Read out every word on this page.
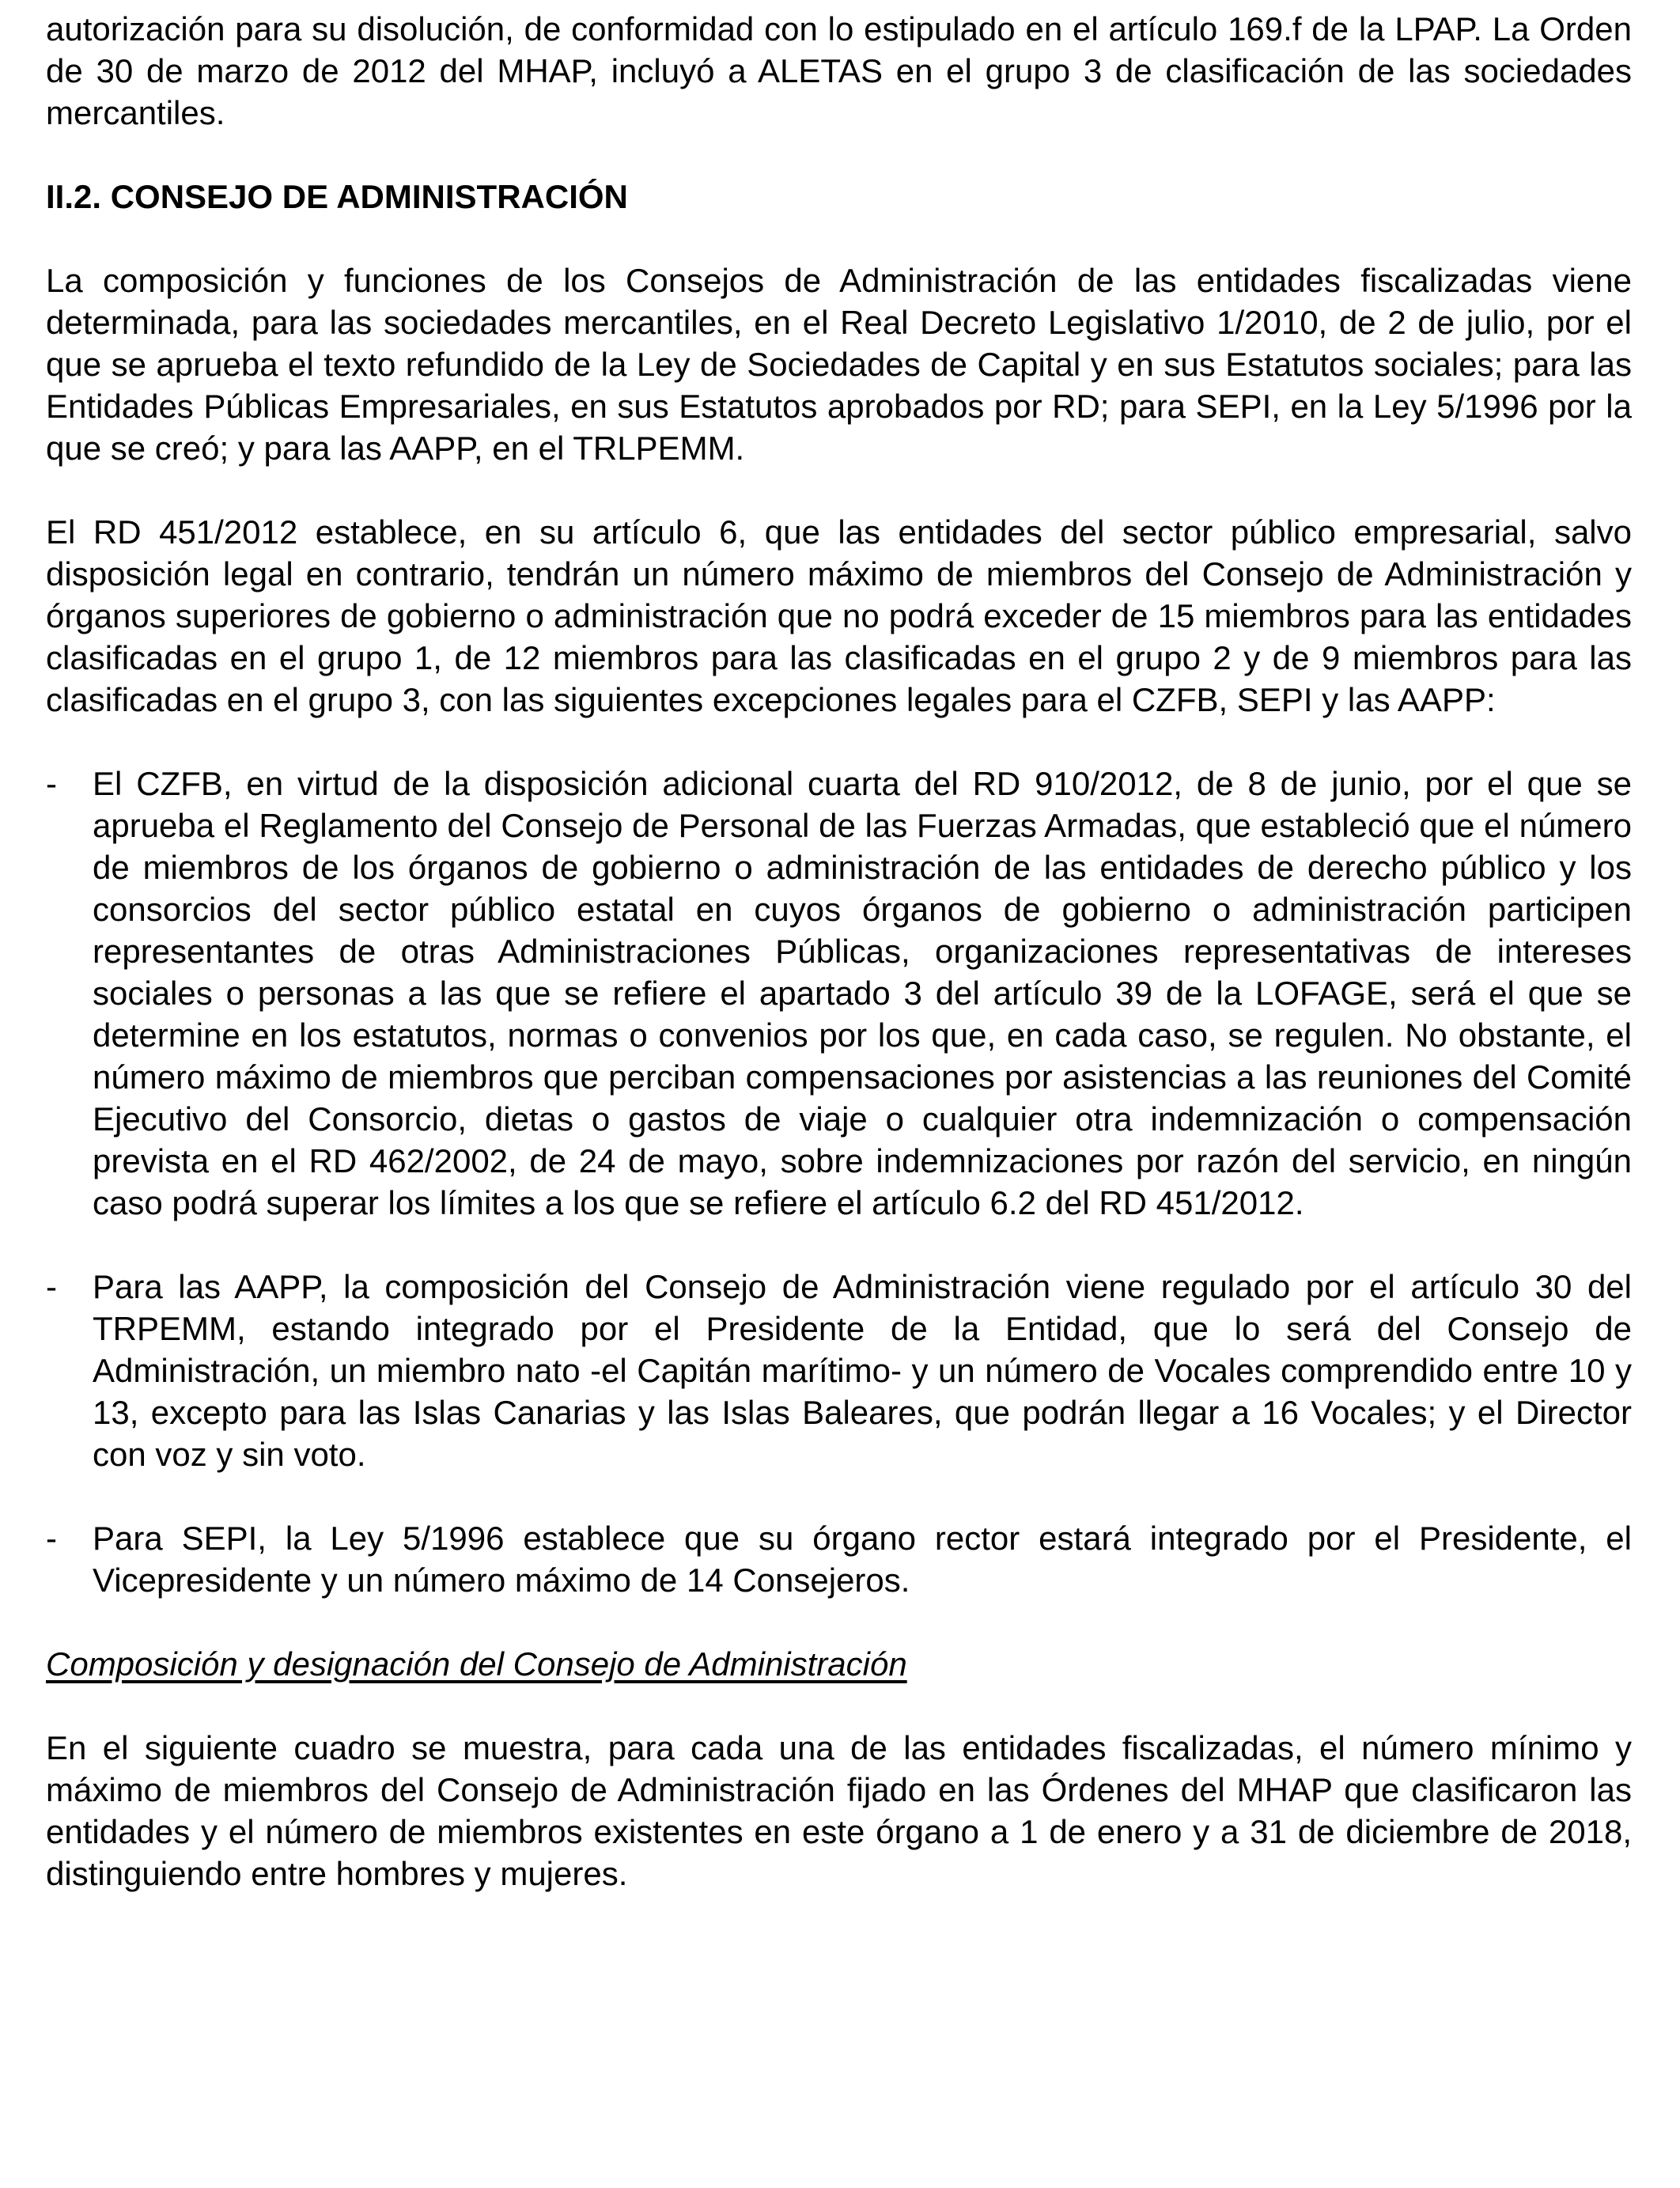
autorización para su disolución, de conformidad con lo estipulado en el artículo 169.f de la LPAP. La Orden de 30 de marzo de 2012 del MHAP, incluyó a ALETAS en el grupo 3 de clasificación de las sociedades mercantiles.

II.2. CONSEJO DE ADMINISTRACIÓN

La composición y funciones de los Consejos de Administración de las entidades fiscalizadas viene determinada, para las sociedades mercantiles, en el Real Decreto Legislativo 1/2010, de 2 de julio, por el que se aprueba el texto refundido de la Ley de Sociedades de Capital y en sus Estatutos sociales; para las Entidades Públicas Empresariales, en sus Estatutos aprobados por RD; para SEPI, en la Ley 5/1996 por la que se creó; y para las AAPP, en el TRLPEMM.

El RD 451/2012 establece, en su artículo 6, que las entidades del sector público empresarial, salvo disposición legal en contrario, tendrán un número máximo de miembros del Consejo de Administración y órganos superiores de gobierno o administración que no podrá exceder de 15 miembros para las entidades clasificadas en el grupo 1, de 12 miembros para las clasificadas en el grupo 2 y de 9 miembros para las clasificadas en el grupo 3, con las siguientes excepciones legales para el CZFB, SEPI y las AAPP:

- El CZFB, en virtud de la disposición adicional cuarta del RD 910/2012, de 8 de junio, por el que se aprueba el Reglamento del Consejo de Personal de las Fuerzas Armadas, que estableció que el número de miembros de los órganos de gobierno o administración de las entidades de derecho público y los consorcios del sector público estatal en cuyos órganos de gobierno o administración participen representantes de otras Administraciones Públicas, organizaciones representativas de intereses sociales o personas a las que se refiere el apartado 3 del artículo 39 de la LOFAGE, será el que se determine en los estatutos, normas o convenios por los que, en cada caso, se regulen. No obstante, el número máximo de miembros que perciban compensaciones por asistencias a las reuniones del Comité Ejecutivo del Consorcio, dietas o gastos de viaje o cualquier otra indemnización o compensación prevista en el RD 462/2002, de 24 de mayo, sobre indemnizaciones por razón del servicio, en ningún caso podrá superar los límites a los que se refiere el artículo 6.2 del RD 451/2012.

- Para las AAPP, la composición del Consejo de Administración viene regulado por el artículo 30 del TRPEMM, estando integrado por el Presidente de la Entidad, que lo será del Consejo de Administración, un miembro nato -el Capitán marítimo- y un número de Vocales comprendido entre 10 y 13, excepto para las Islas Canarias y las Islas Baleares, que podrán llegar a 16 Vocales; y el Director con voz y sin voto.

- Para SEPI, la Ley 5/1996 establece que su órgano rector estará integrado por el Presidente, el Vicepresidente y un número máximo de 14 Consejeros.

Composición y designación del Consejo de Administración

En el siguiente cuadro se muestra, para cada una de las entidades fiscalizadas, el número mínimo y máximo de miembros del Consejo de Administración fijado en las Órdenes del MHAP que clasificaron las entidades y el número de miembros existentes en este órgano a 1 de enero y a 31 de diciembre de 2018, distinguiendo entre hombres y mujeres.
